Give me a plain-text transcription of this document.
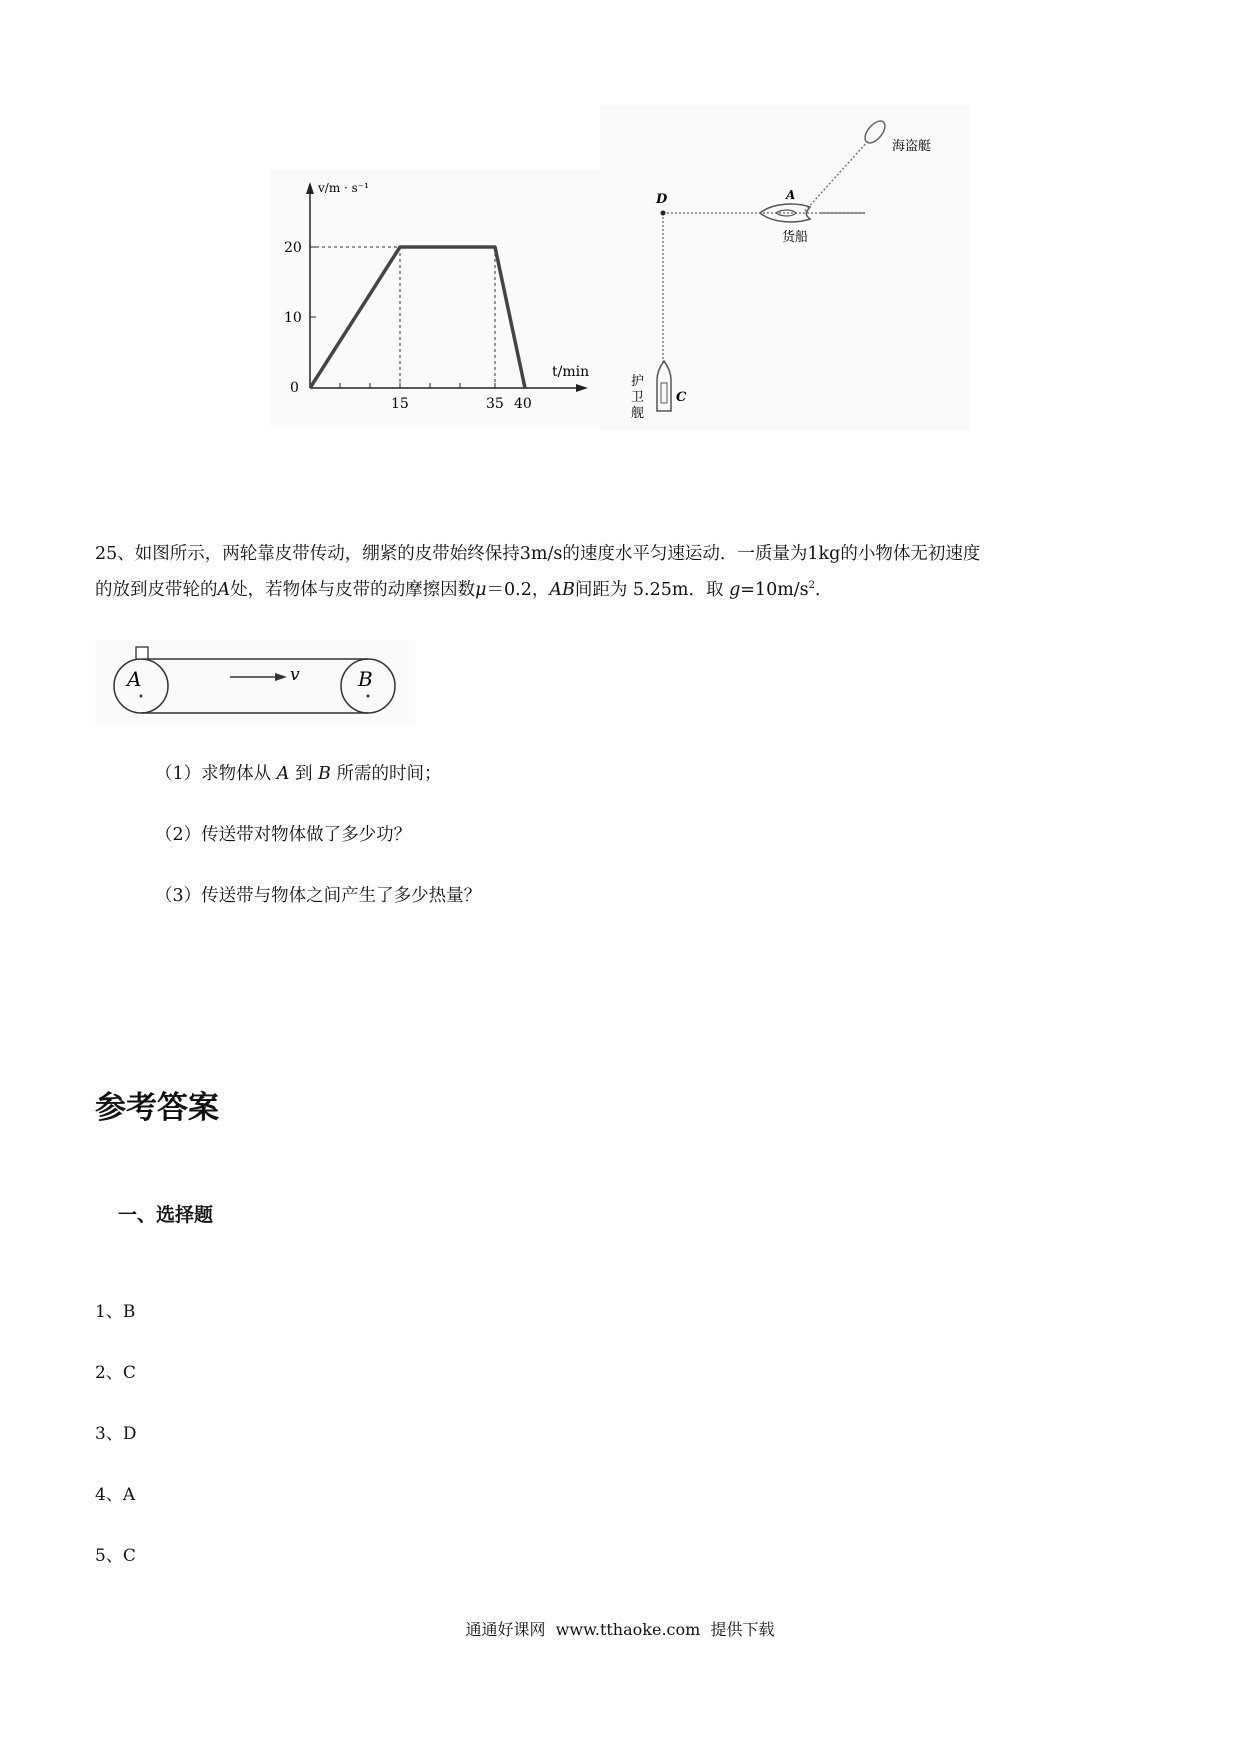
v/m · s⁻¹
t/min
20
10
0
15	35 40
D	A
C
海盗艇
货船
护
卫
舰
25、如图所示，两轮靠皮带传动，绷紧的皮带始终保持3m/s的速度水平匀速运动．一质量为1kg的小物体无初速度
的放到皮带轮的A处，若物体与皮带的动摩擦因数μ＝0.2，AB间距为 5.25m．取 $g=10m/s^2$．
A	B
v
（1）求物体从 A 到 B 所需的时间；
（2）传送带对物体做了多少功？
（3）传送带与物体之间产生了多少热量？
参考答案
一、选择题
1、B
2、C
3、D
4、A
5、C
通通好课网  www.tthaoke.com  提供下载
